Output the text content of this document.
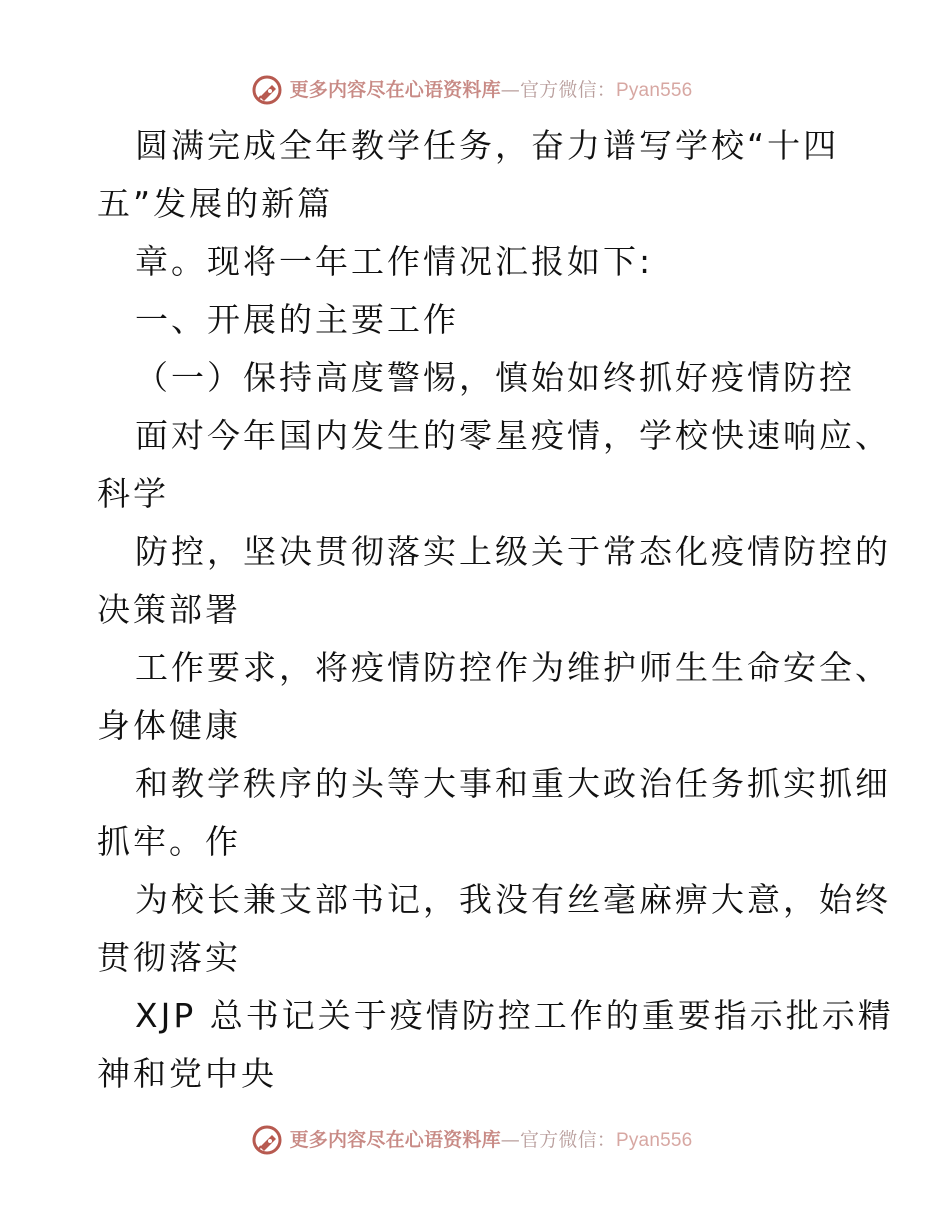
更多内容尽在心语资料库—官方微信：Pyan556
圆满完成全年教学任务，奋力谱写学校“十四
五”发展的新篇
章。现将一年工作情况汇报如下:
一、开展的主要工作
（一）保持高度警惕，慎始如终抓好疫情防控
面对今年国内发生的零星疫情，学校快速响应、
科学
防控，坚决贯彻落实上级关于常态化疫情防控的
决策部署
工作要求，将疫情防控作为维护师生生命安全、
身体健康
和教学秩序的头等大事和重大政治任务抓实抓细
抓牢。作
为校长兼支部书记，我没有丝毫麻痹大意，始终
贯彻落实
XJP 总书记关于疫情防控工作的重要指示批示精
神和党中央
更多内容尽在心语资料库—官方微信：Pyan556
